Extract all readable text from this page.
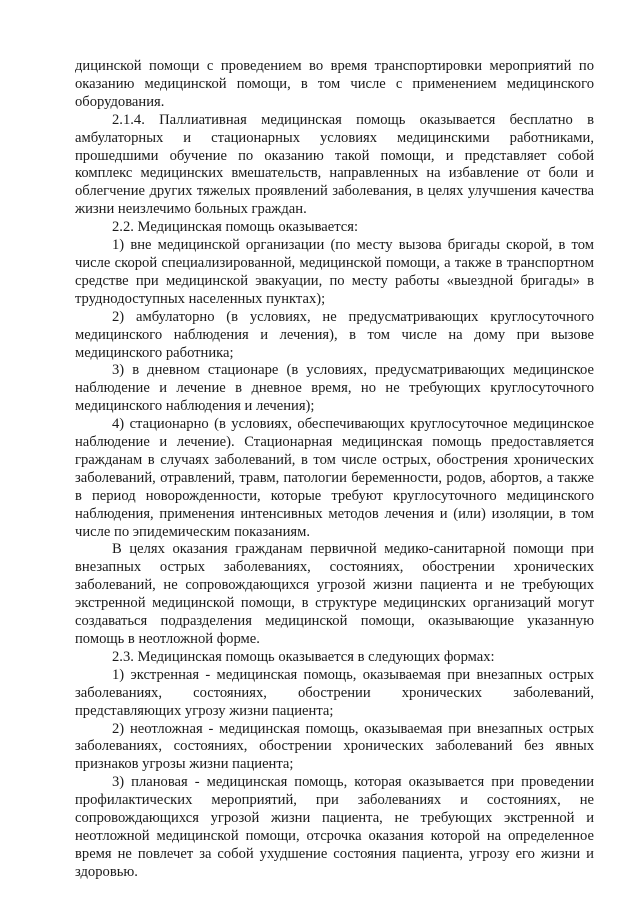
дицинской помощи с проведением во время транспортировки мероприятий по оказанию медицинской помощи, в том числе с применением медицинского оборудования.

2.1.4. Паллиативная медицинская помощь оказывается бесплатно в амбулаторных и стационарных условиях медицинскими работниками, прошедшими обучение по оказанию такой помощи, и представляет собой комплекс медицинских вмешательств, направленных на избавление от боли и облегчение других тяжелых проявлений заболевания, в целях улучшения качества жизни неизлечимо больных граждан.

2.2. Медицинская помощь оказывается:

1) вне медицинской организации (по месту вызова бригады скорой, в том числе скорой специализированной, медицинской помощи, а также в транспортном средстве при медицинской эвакуации, по месту работы «выездной бригады» в труднодоступных населенных пунктах);

2) амбулаторно (в условиях, не предусматривающих круглосуточного медицинского наблюдения и лечения), в том числе на дому при вызове медицинского работника;

3) в дневном стационаре (в условиях, предусматривающих медицинское наблюдение и лечение в дневное время, но не требующих круглосуточного медицинского наблюдения и лечения);

4) стационарно (в условиях, обеспечивающих круглосуточное медицинское наблюдение и лечение). Стационарная медицинская помощь предоставляется гражданам в случаях заболеваний, в том числе острых, обострения хронических заболеваний, отравлений, травм, патологии беременности, родов, абортов, а также в период новорожденности, которые требуют круглосуточного медицинского наблюдения, применения интенсивных методов лечения и (или) изоляции, в том числе по эпидемическим показаниям.

В целях оказания гражданам первичной медико-санитарной помощи при внезапных острых заболеваниях, состояниях, обострении хронических заболеваний, не сопровождающихся угрозой жизни пациента и не требующих экстренной медицинской помощи, в структуре медицинских организаций могут создаваться подразделения медицинской помощи, оказывающие указанную помощь в неотложной форме.

2.3. Медицинская помощь оказывается в следующих формах:

1) экстренная - медицинская помощь, оказываемая при внезапных острых заболеваниях, состояниях, обострении хронических заболеваний, представляющих угрозу жизни пациента;

2) неотложная - медицинская помощь, оказываемая при внезапных острых заболеваниях, состояниях, обострении хронических заболеваний без явных признаков угрозы жизни пациента;

3) плановая - медицинская помощь, которая оказывается при проведении профилактических мероприятий, при заболеваниях и состояниях, не сопровождающихся угрозой жизни пациента, не требующих экстренной и неотложной медицинской помощи, отсрочка оказания которой на определенное время не повлечет за собой ухудшение состояния пациента, угрозу его жизни и здоровью.
